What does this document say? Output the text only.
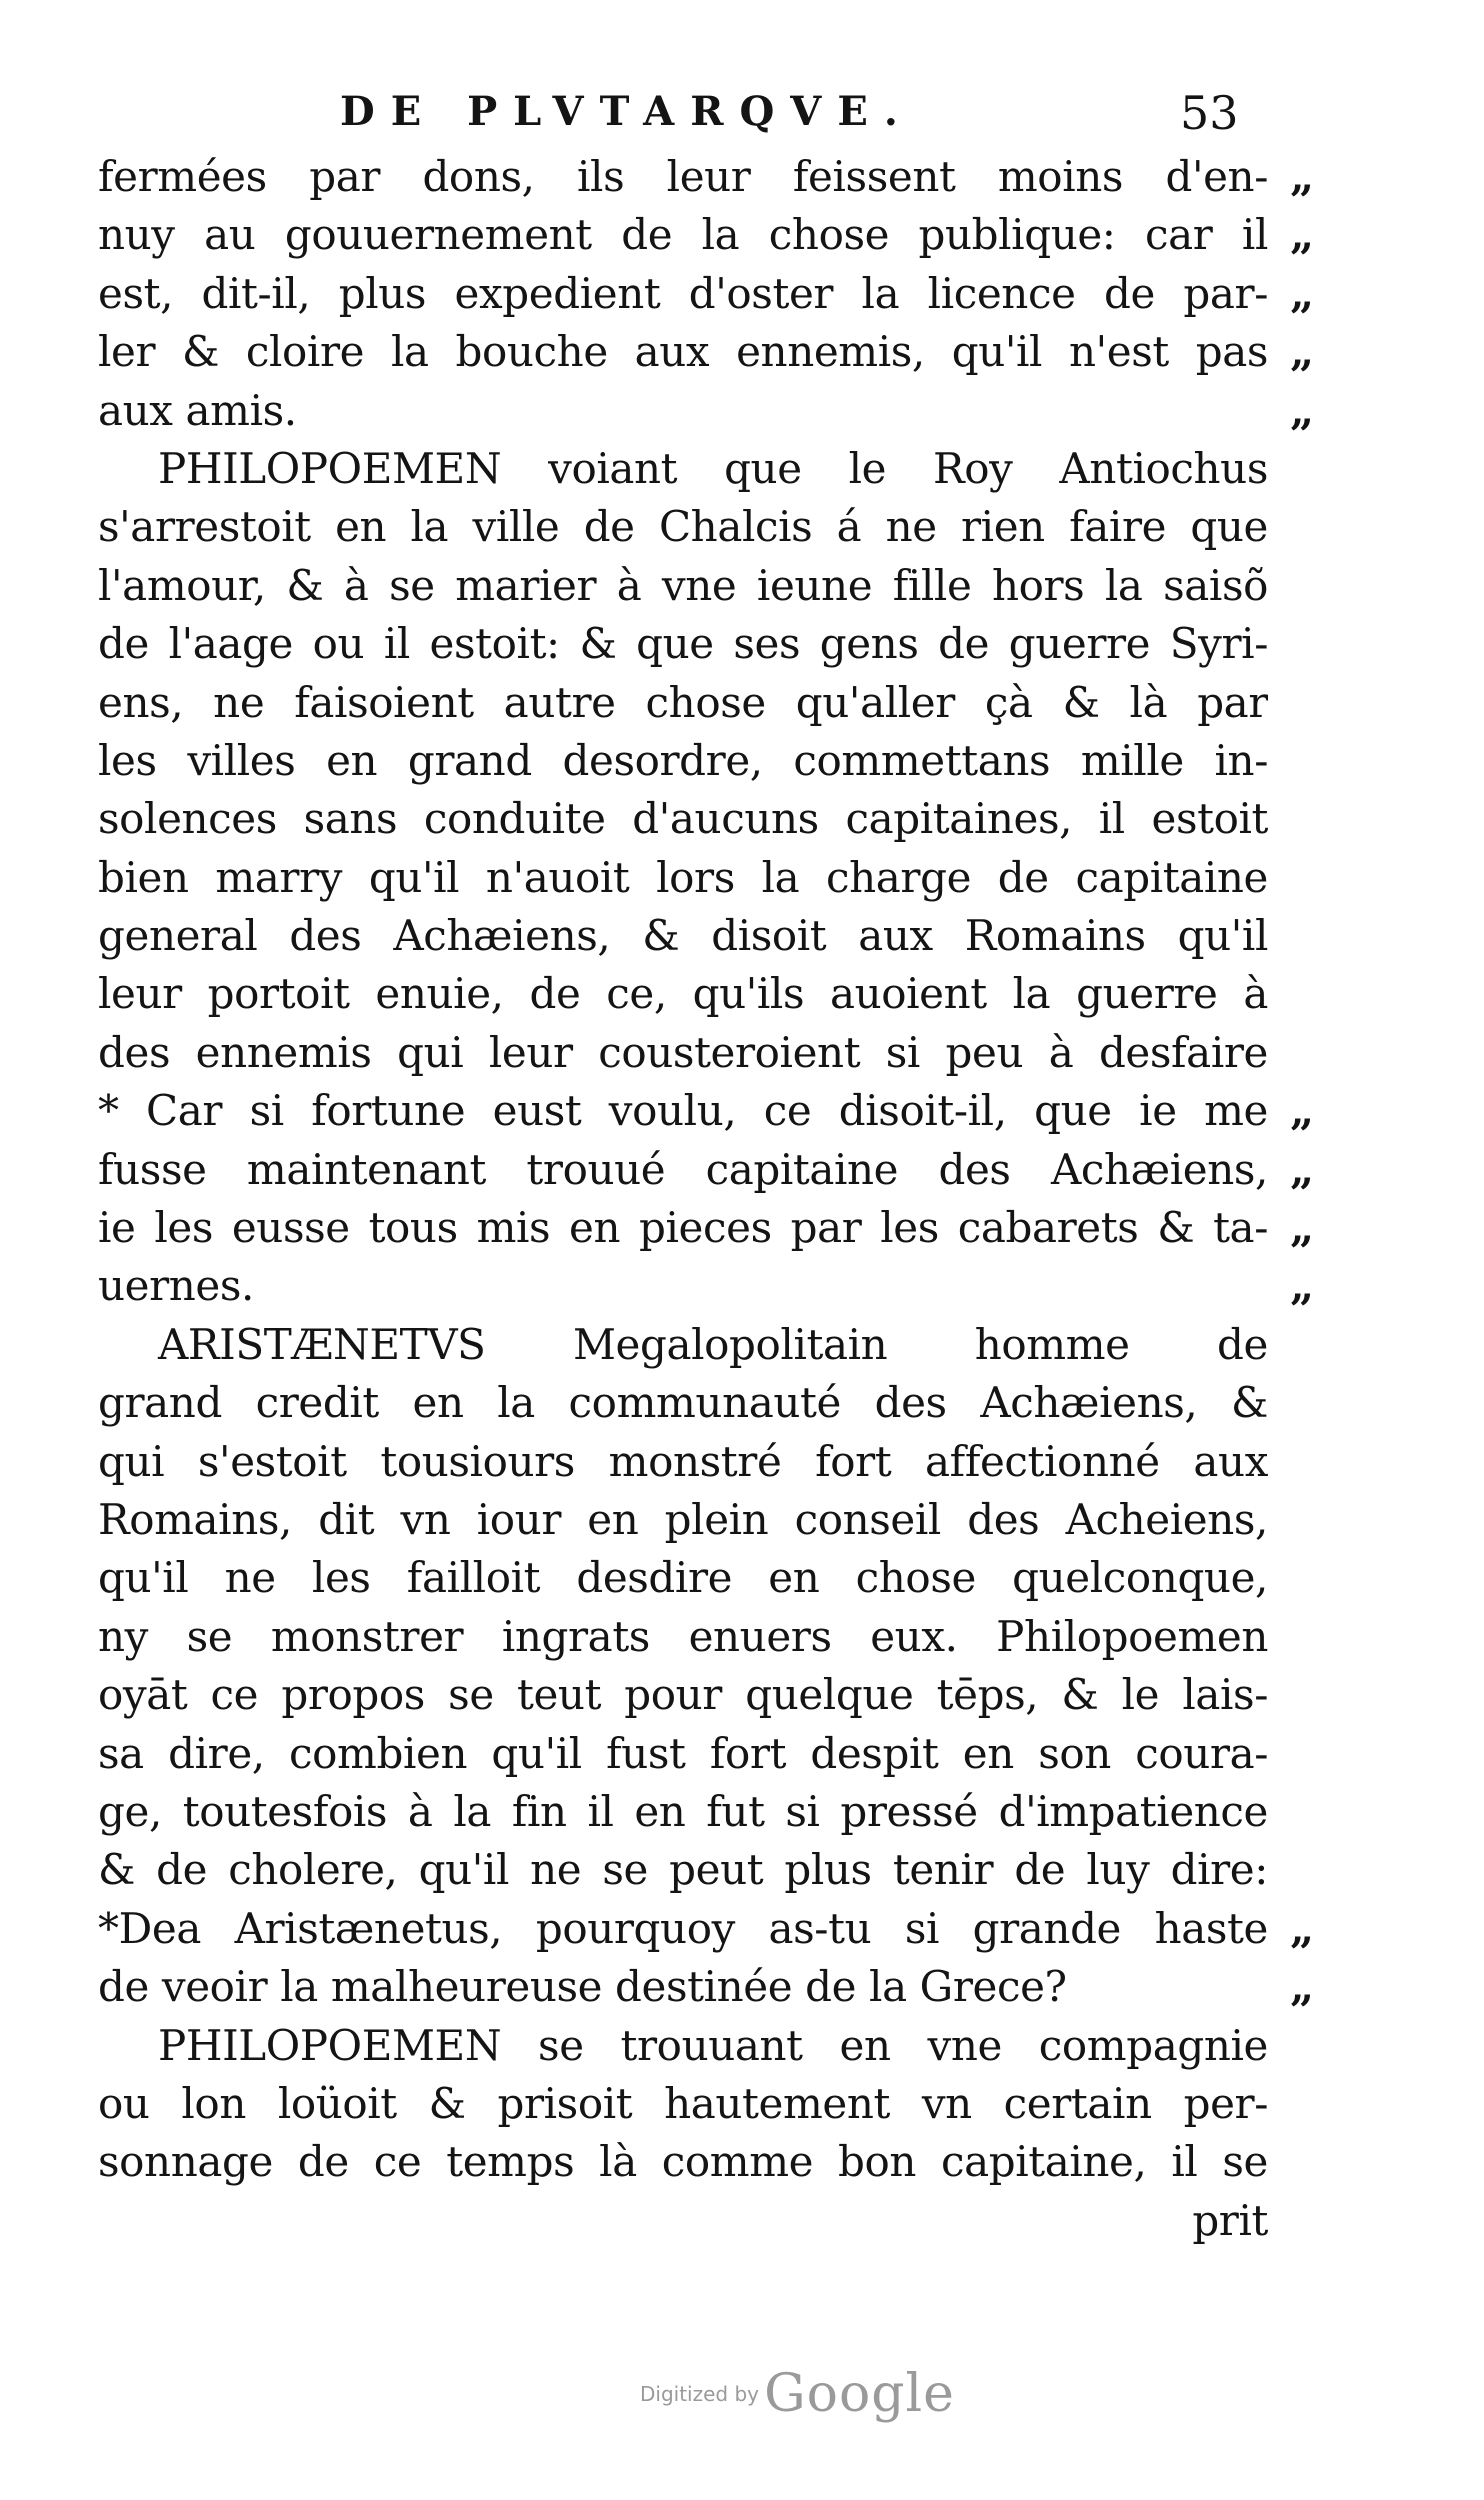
DE PLVTARQVE.	53
fermées par dons, ils leur feissent moins d'en- „
nuy au gouuernement de la chose publique: car il „
est, dit-il, plus expedient d'oster la licence de par- „
ler & cloire la bouche aux ennemis, qu'il n'est pas „
aux amis.	„
PHILOPOEMEN voiant que le Roy Antiochus
s'arrestoit en la ville de Chalcis á ne rien faire que
l'amour, & à se marier à vne ieune fille hors la saisõ
de l'aage ou il estoit: & que ses gens de guerre Syri-
ens, ne faisoient autre chose qu'aller çà & là par
les villes en grand desordre, commettans mille in-
solences sans conduite d'aucuns capitaines, il estoit
bien marry qu'il n'auoit lors la charge de capitaine
general des Achæiens, & disoit aux Romains qu'il
leur portoit enuie, de ce, qu'ils auoient la guerre à
des ennemis qui leur cousteroient si peu à desfaire
* Car si fortune eust voulu, ce disoit-il, que ie me „
fusse maintenant trouué capitaine des Achæiens, „
ie les eusse tous mis en pieces par les cabarets & ta- „
uernes.	„
ARISTÆNETVS Megalopolitain homme de
grand credit en la communauté des Achæiens, &
qui s'estoit tousiours monstré fort affectionné aux
Romains, dit vn iour en plein conseil des Acheiens,
qu'il ne les failloit desdire en chose quelconque,
ny se monstrer ingrats enuers eux. Philopoemen
oyāt ce propos se teut pour quelque tēps, & le lais-
sa dire, combien qu'il fust fort despit en son coura-
ge, toutesfois à la fin il en fut si pressé d'impatience
& de cholere, qu'il ne se peut plus tenir de luy dire:
*Dea Aristænetus, pourquoy as-tu si grande haste „
de veoir la malheureuse destinée de la Grece?	„
PHILOPOEMEN se trouuant en vne compagnie
ou lon loüoit & prisoit hautement vn certain per-
sonnage de ce temps là comme bon capitaine, il se
prit
Digitized by Google
